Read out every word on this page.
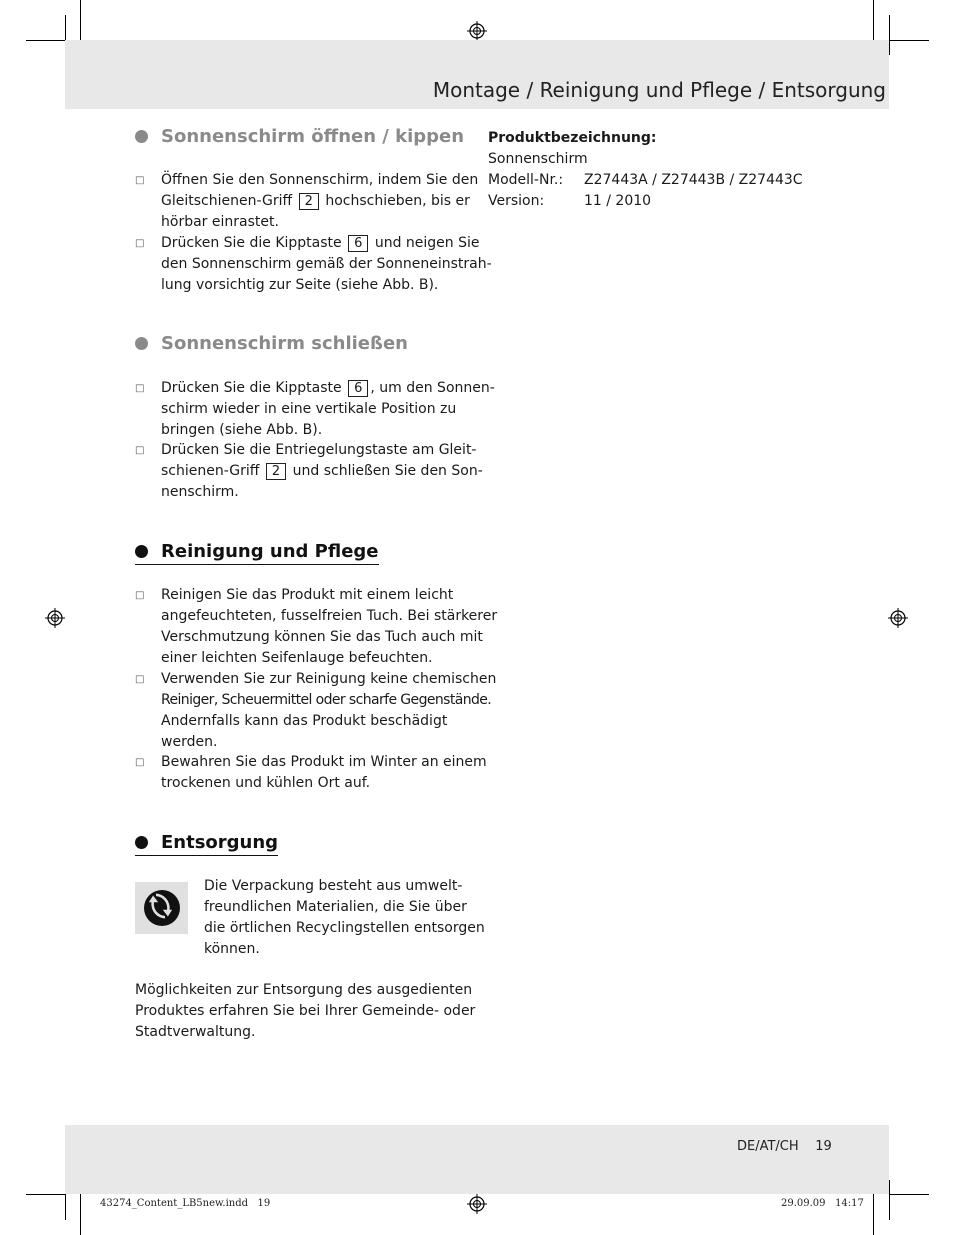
Montage / Reinigung und Pflege / Entsorgung
Sonnenschirm öffnen / kippen
□	Öffnen Sie den Sonnenschirm, indem Sie den
Gleitschienen-Griff 2 hochschieben, bis er
hörbar einrastet.
□	Drücken Sie die Kipptaste 6 und neigen Sie
den Sonnenschirm gemäß der Sonneneinstrah-
lung vorsichtig zur Seite (siehe Abb. B).
Sonnenschirm schließen
□	Drücken Sie die Kipptaste 6 , um den Sonnen-
schirm wieder in eine vertikale Position zu
bringen (siehe Abb. B).
□	Drücken Sie die Entriegelungstaste am Gleit-
schienen-Griff 2 und schließen Sie den Son-
nenschirm.
Reinigung und Pflege
□	Reinigen Sie das Produkt mit einem leicht
angefeuchteten, fusselfreien Tuch. Bei stärkerer
Verschmutzung können Sie das Tuch auch mit
einer leichten Seifenlauge befeuchten.
□	Verwenden Sie zur Reinigung keine chemischen
Reiniger, Scheuermittel oder scharfe Gegenstände.
Andernfalls kann das Produkt beschädigt
werden.
□	Bewahren Sie das Produkt im Winter an einem
trockenen und kühlen Ort auf.
Entsorgung
Die Verpackung besteht aus umwelt-
freundlichen Materialien, die Sie über
die örtlichen Recyclingstellen entsorgen
können.
Möglichkeiten zur Entsorgung des ausgedienten
Produktes erfahren Sie bei Ihrer Gemeinde- oder
Stadtverwaltung.
Produktbezeichnung:
Sonnenschirm
Modell-Nr.:	Z27443A / Z27443B / Z27443C
Version:	11 / 2010
DE/AT/CH    19
43274_Content_LB5new.indd   19	29.09.09   14:17
